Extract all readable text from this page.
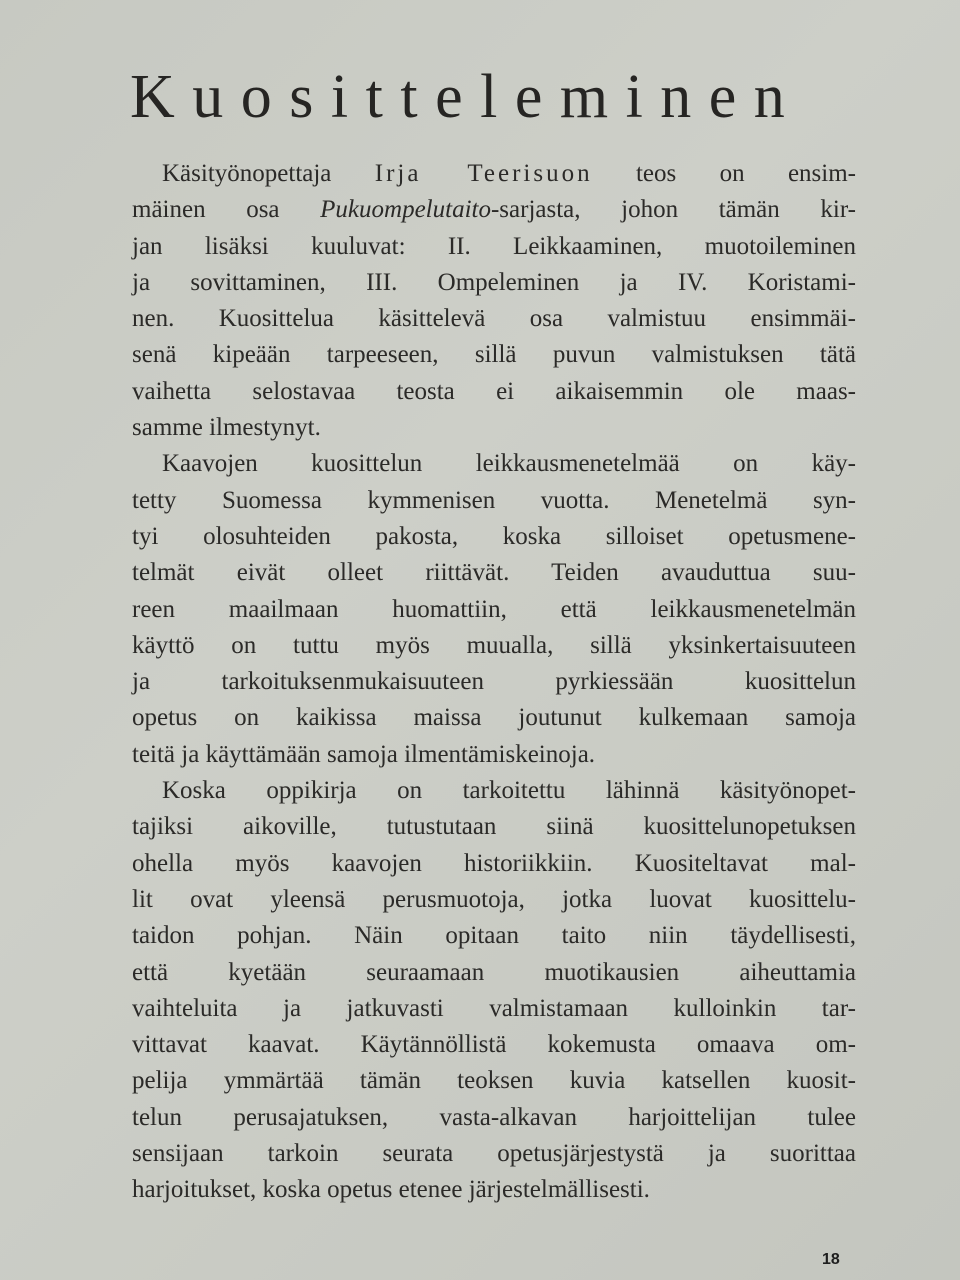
Kuositteleminen
Käsityönopettaja Irja Teerisuon teos on ensim-
mäinen osa Pukuompelutaito-sarjasta, johon tämän kir-
jan lisäksi kuuluvat: II. Leikkaaminen, muotoileminen
ja sovittaminen, III. Ompeleminen ja IV. Koristami-
nen. Kuosittelua käsittelevä osa valmistuu ensimmäi-
senä kipeään tarpeeseen, sillä puvun valmistuksen tätä
vaihetta selostavaa teosta ei aikaisemmin ole maas-
samme ilmestynyt.
Kaavojen kuosittelun leikkausmenetelmää on käy-
tetty Suomessa kymmenisen vuotta. Menetelmä syn-
tyi olosuhteiden pakosta, koska silloiset opetusmene-
telmät eivät olleet riittävät. Teiden avauduttua suu-
reen maailmaan huomattiin, että leikkausmenetelmän
käyttö on tuttu myös muualla, sillä yksinkertaisuuteen
ja tarkoituksenmukaisuuteen pyrkiessään kuosittelun
opetus on kaikissa maissa joutunut kulkemaan samoja
teitä ja käyttämään samoja ilmentämiskeinoja.
Koska oppikirja on tarkoitettu lähinnä käsityönopet-
tajiksi aikoville, tutustutaan siinä kuosittelunopetuksen
ohella myös kaavojen historiikkiin. Kuositeltavat mal-
lit ovat yleensä perusmuotoja, jotka luovat kuosittelu-
taidon pohjan. Näin opitaan taito niin täydellisesti,
että kyetään seuraamaan muotikausien aiheuttamia
vaihteluita ja jatkuvasti valmistamaan kulloinkin tar-
vittavat kaavat. Käytännöllistä kokemusta omaava om-
pelija ymmärtää tämän teoksen kuvia katsellen kuosit-
telun perusajatuksen, vasta-alkavan harjoittelijan tulee
sensijaan tarkoin seurata opetusjärjestystä ja suorittaa
harjoitukset, koska opetus etenee järjestelmällisesti.
18
